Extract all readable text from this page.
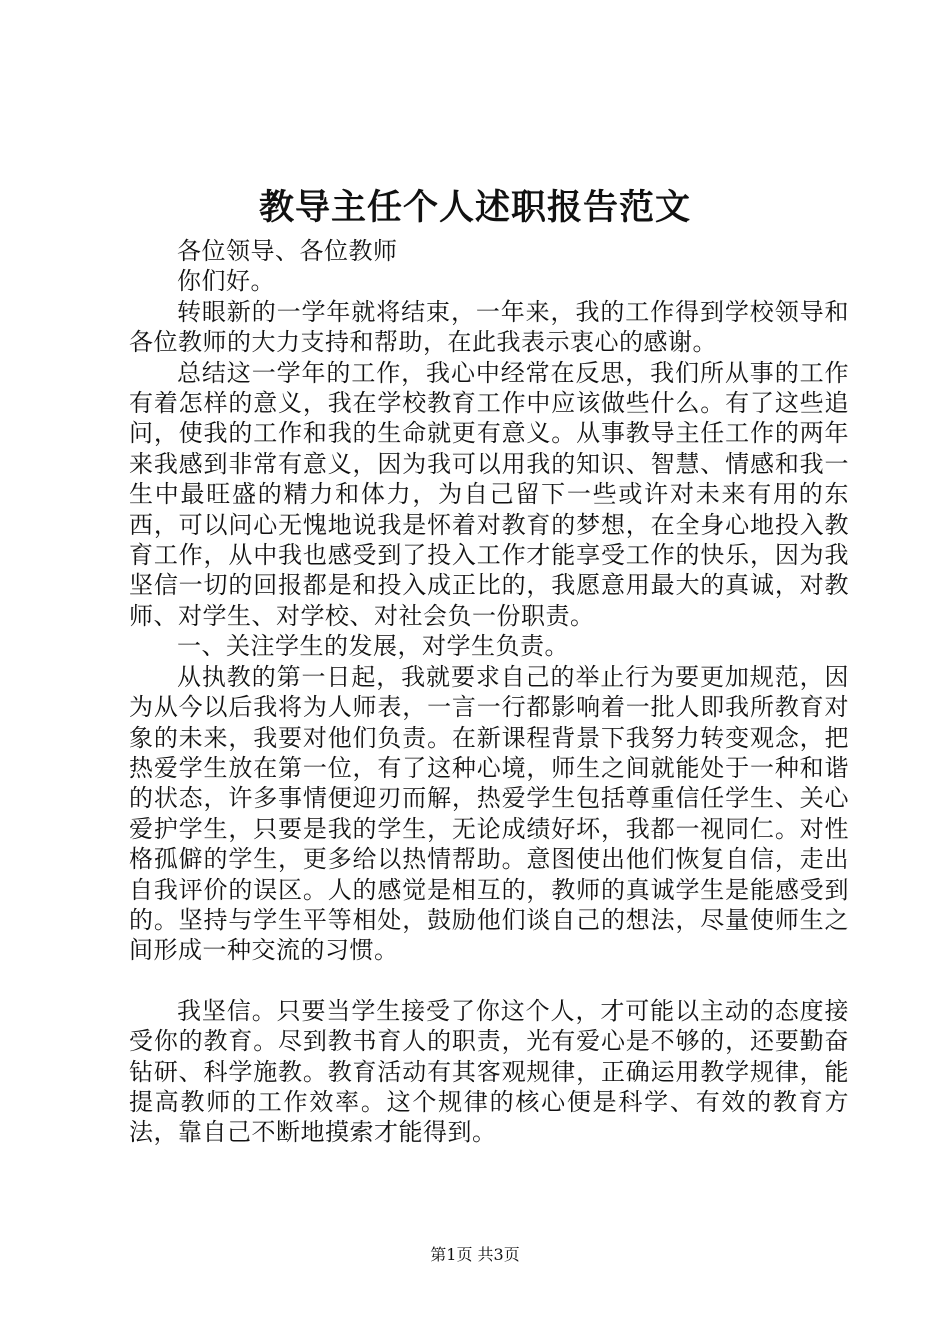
教导主任个人述职报告范文

各位领导、各位教师

你们好。

转眼新的一学年就将结束，一年来，我的工作得到学校领导和各位教师的大力支持和帮助，在此我表示衷心的感谢。

总结这一学年的工作，我心中经常在反思，我们所从事的工作有着怎样的意义，我在学校教育工作中应该做些什么。有了这些追问，使我的工作和我的生命就更有意义。从事教导主任工作的两年来我感到非常有意义，因为我可以用我的知识、智慧、情感和我一生中最旺盛的精力和体力，为自己留下一些或许对未来有用的东西，可以问心无愧地说我是怀着对教育的梦想，在全身心地投入教育工作，从中我也感受到了投入工作才能享受工作的快乐，因为我坚信一切的回报都是和投入成正比的，我愿意用最大的真诚，对教师、对学生、对学校、对社会负一份职责。

一、关注学生的发展，对学生负责。

从执教的第一日起，我就要求自己的举止行为要更加规范，因为从今以后我将为人师表，一言一行都影响着一批人即我所教育对象的未来，我要对他们负责。在新课程背景下我努力转变观念，把热爱学生放在第一位，有了这种心境，师生之间就能处于一种和谐的状态，许多事情便迎刃而解，热爱学生包括尊重信任学生、关心爱护学生，只要是我的学生，无论成绩好坏，我都一视同仁。对性格孤僻的学生，更多给以热情帮助。意图使出他们恢复自信，走出自我评价的误区。人的感觉是相互的，教师的真诚学生是能感受到的。坚持与学生平等相处，鼓励他们谈自己的想法，尽量使师生之间形成一种交流的习惯。

我坚信。只要当学生接受了你这个人，才可能以主动的态度接受你的教育。尽到教书育人的职责，光有爱心是不够的，还要勤奋钻研、科学施教。教育活动有其客观规律，正确运用教学规律，能提高教师的工作效率。这个规律的核心便是科学、有效的教育方法，靠自己不断地摸索才能得到。

第1页 共3页
